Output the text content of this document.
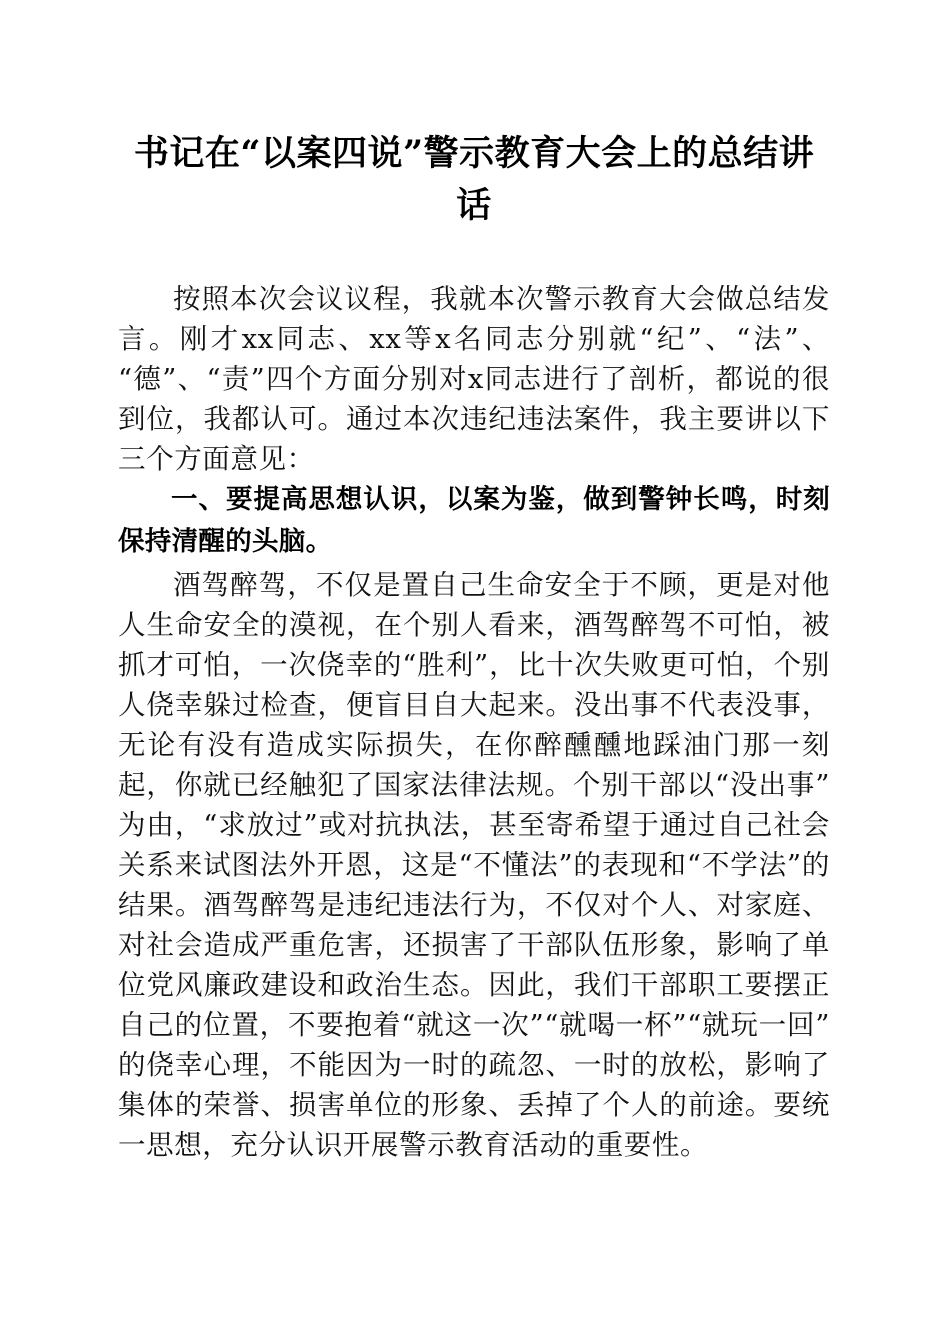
书记在“以案四说”警示教育大会上的总结讲话

按照本次会议议程，我就本次警示教育大会做总结发言。刚才xx同志、xx等x名同志分别就“纪”、“法”、“德”、“责”四个方面分别对x同志进行了剖析，都说的很到位，我都认可。通过本次违纪违法案件，我主要讲以下三个方面意见：

一、要提高思想认识，以案为鉴，做到警钟长鸣，时刻保持清醒的头脑。

酒驾醉驾，不仅是置自己生命安全于不顾，更是对他人生命安全的漠视，在个别人看来，酒驾醉驾不可怕，被抓才可怕，一次侥幸的“胜利”，比十次失败更可怕，个别人侥幸躲过检查，便盲目自大起来。没出事不代表没事，无论有没有造成实际损失，在你醉醺醺地踩油门那一刻起，你就已经触犯了国家法律法规。个别干部以“没出事”为由，“求放过”或对抗执法，甚至寄希望于通过自己社会关系来试图法外开恩，这是“不懂法”的表现和“不学法”的结果。酒驾醉驾是违纪违法行为，不仅对个人、对家庭、对社会造成严重危害，还损害了干部队伍形象，影响了单位党风廉政建设和政治生态。因此，我们干部职工要摆正自己的位置，不要抱着“就这一次”“就喝一杯”“就玩一回”的侥幸心理，不能因为一时的疏忽、一时的放松，影响了集体的荣誉、损害单位的形象、丢掉了个人的前途。要统一思想，充分认识开展警示教育活动的重要性。
